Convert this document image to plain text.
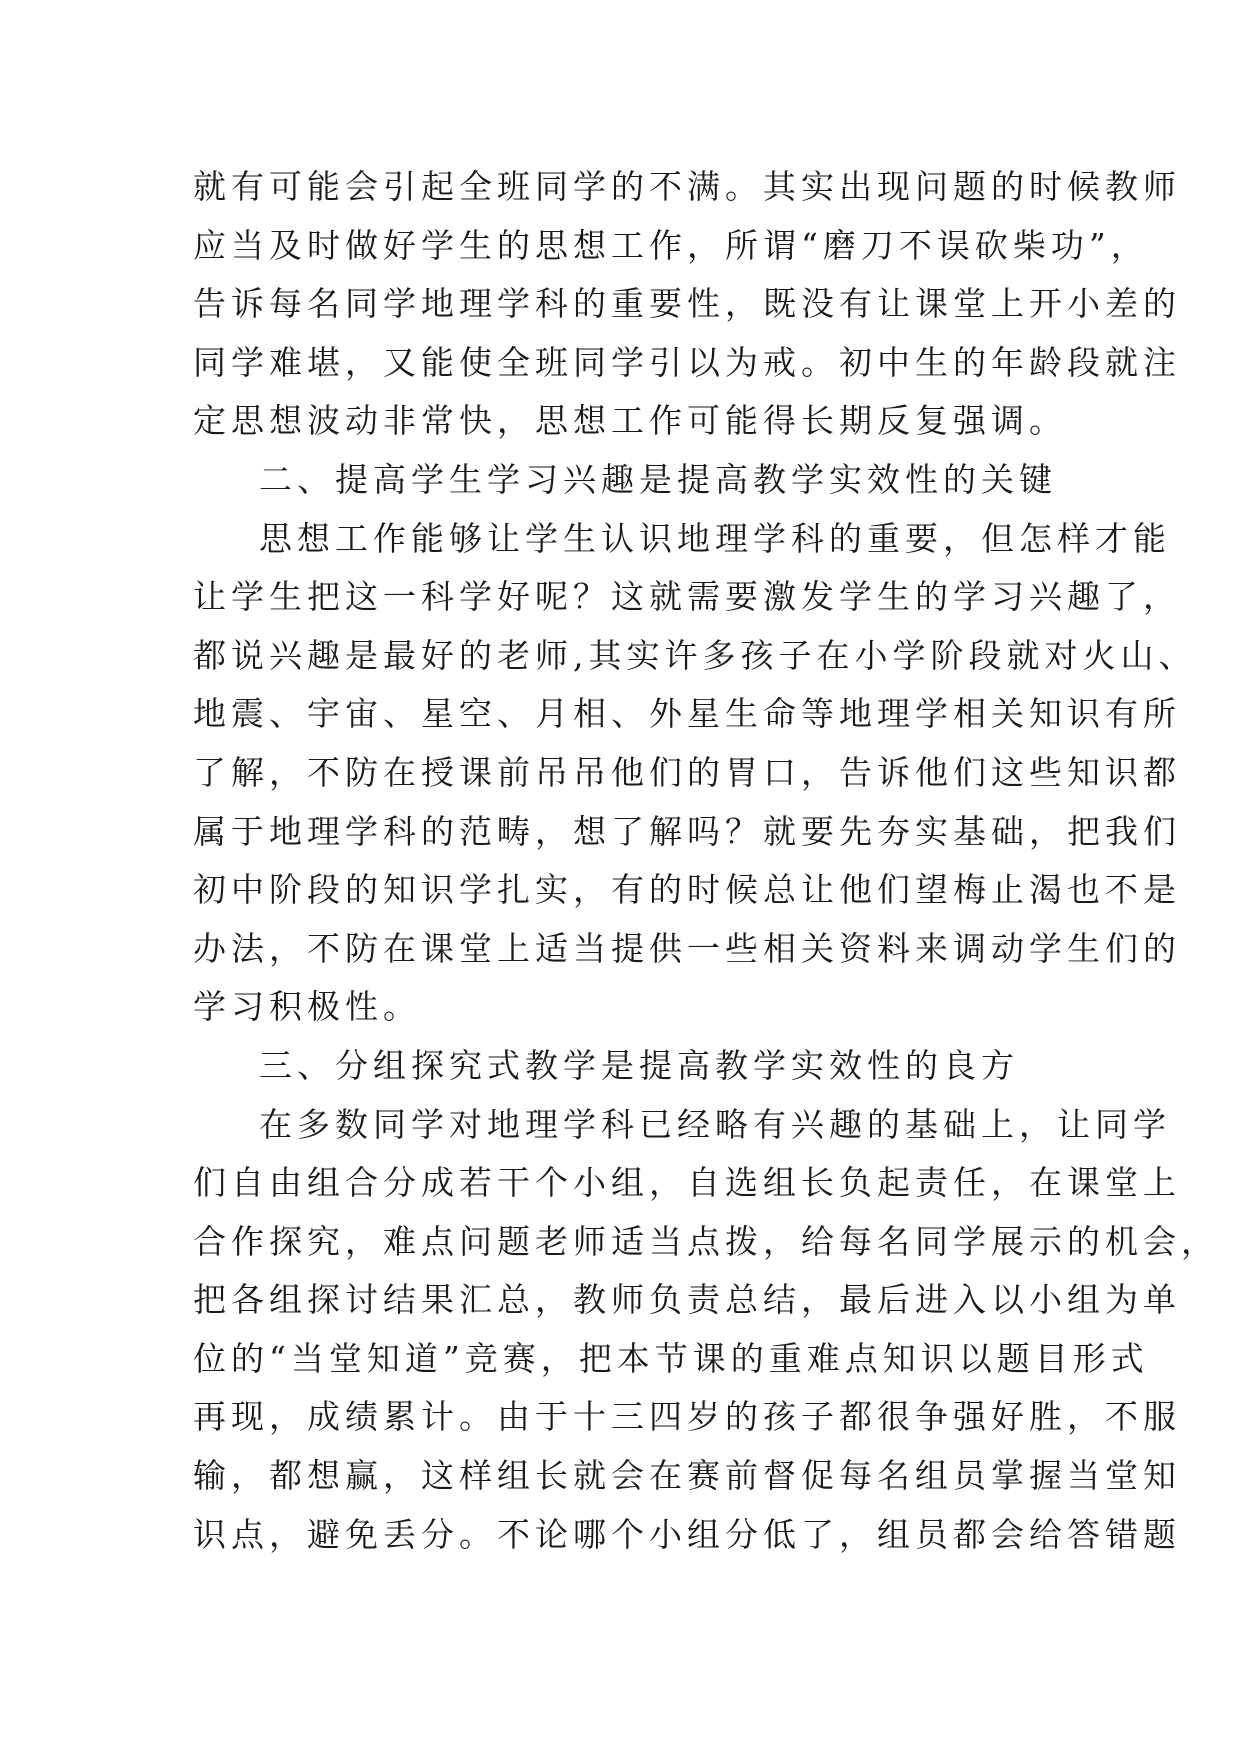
就有可能会引起全班同学的不满。其实出现问题的时候教师
应当及时做好学生的思想工作，所谓“磨刀不误砍柴功”，
告诉每名同学地理学科的重要性，既没有让课堂上开小差的
同学难堪，又能使全班同学引以为戒。初中生的年龄段就注
定思想波动非常快，思想工作可能得长期反复强调。
二、提高学生学习兴趣是提高教学实效性的关键
思想工作能够让学生认识地理学科的重要，但怎样才能
让学生把这一科学好呢？这就需要激发学生的学习兴趣了，
都说兴趣是最好的老师,其实许多孩子在小学阶段就对火山、
地震、宇宙、星空、月相、外星生命等地理学相关知识有所
了解，不防在授课前吊吊他们的胃口，告诉他们这些知识都
属于地理学科的范畴，想了解吗？就要先夯实基础，把我们
初中阶段的知识学扎实，有的时候总让他们望梅止渴也不是
办法，不防在课堂上适当提供一些相关资料来调动学生们的
学习积极性。
三、分组探究式教学是提高教学实效性的良方
在多数同学对地理学科已经略有兴趣的基础上，让同学
们自由组合分成若干个小组，自选组长负起责任，在课堂上
合作探究，难点问题老师适当点拨，给每名同学展示的机会，
把各组探讨结果汇总，教师负责总结，最后进入以小组为单
位的“当堂知道”竞赛，把本节课的重难点知识以题目形式
再现，成绩累计。由于十三四岁的孩子都很争强好胜，不服
输，都想赢，这样组长就会在赛前督促每名组员掌握当堂知
识点，避免丢分。不论哪个小组分低了，组员都会给答错题
